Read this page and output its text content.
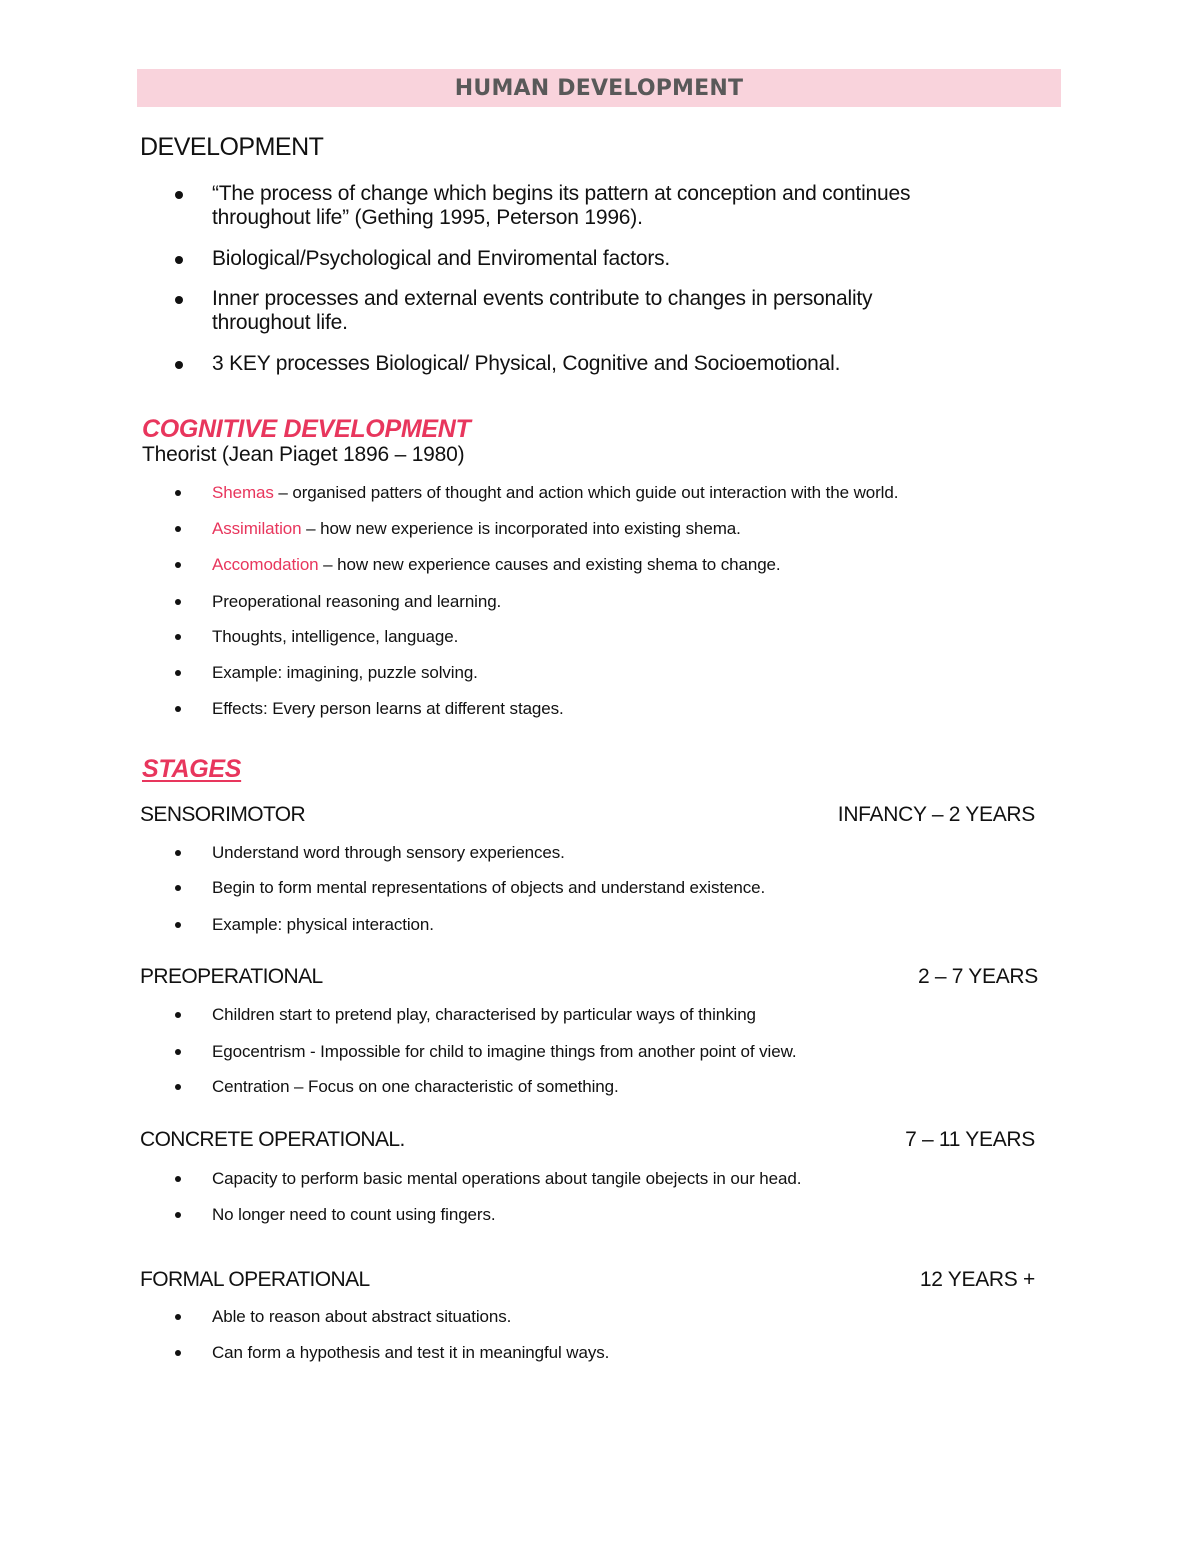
HUMAN DEVELOPMENT
DEVELOPMENT
“The process of change which begins its pattern at conception and continues
throughout life” (Gething 1995, Peterson 1996).
Biological/Psychological and Enviromental factors.
Inner processes and external events contribute to changes in personality
throughout life.
3 KEY processes Biological/ Physical, Cognitive and Socioemotional.
COGNITIVE DEVELOPMENT
Theorist (Jean Piaget 1896 – 1980)
Shemas – organised patters of thought and action which guide out interaction with the world.
Assimilation – how new experience is incorporated into existing shema.
Accomodation – how new experience causes and existing shema to change.
Preoperational reasoning and learning.
Thoughts, intelligence, language.
Example: imagining, puzzle solving.
Effects: Every person learns at different stages.
STAGES
SENSORIMOTOR	INFANCY – 2 YEARS
Understand word through sensory experiences.
Begin to form mental representations of objects and understand existence.
Example: physical interaction.
PREOPERATIONAL	2 – 7 YEARS
Children start to pretend play, characterised by particular ways of thinking
Egocentrism - Impossible for child to imagine things from another point of view.
Centration – Focus on one characteristic of something.
CONCRETE OPERATIONAL.	7 – 11 YEARS
Capacity to perform basic mental operations about tangile obejects in our head.
No longer need to count using fingers.
FORMAL OPERATIONAL	12 YEARS +
Able to reason about abstract situations.
Can form a hypothesis and test it in meaningful ways.
